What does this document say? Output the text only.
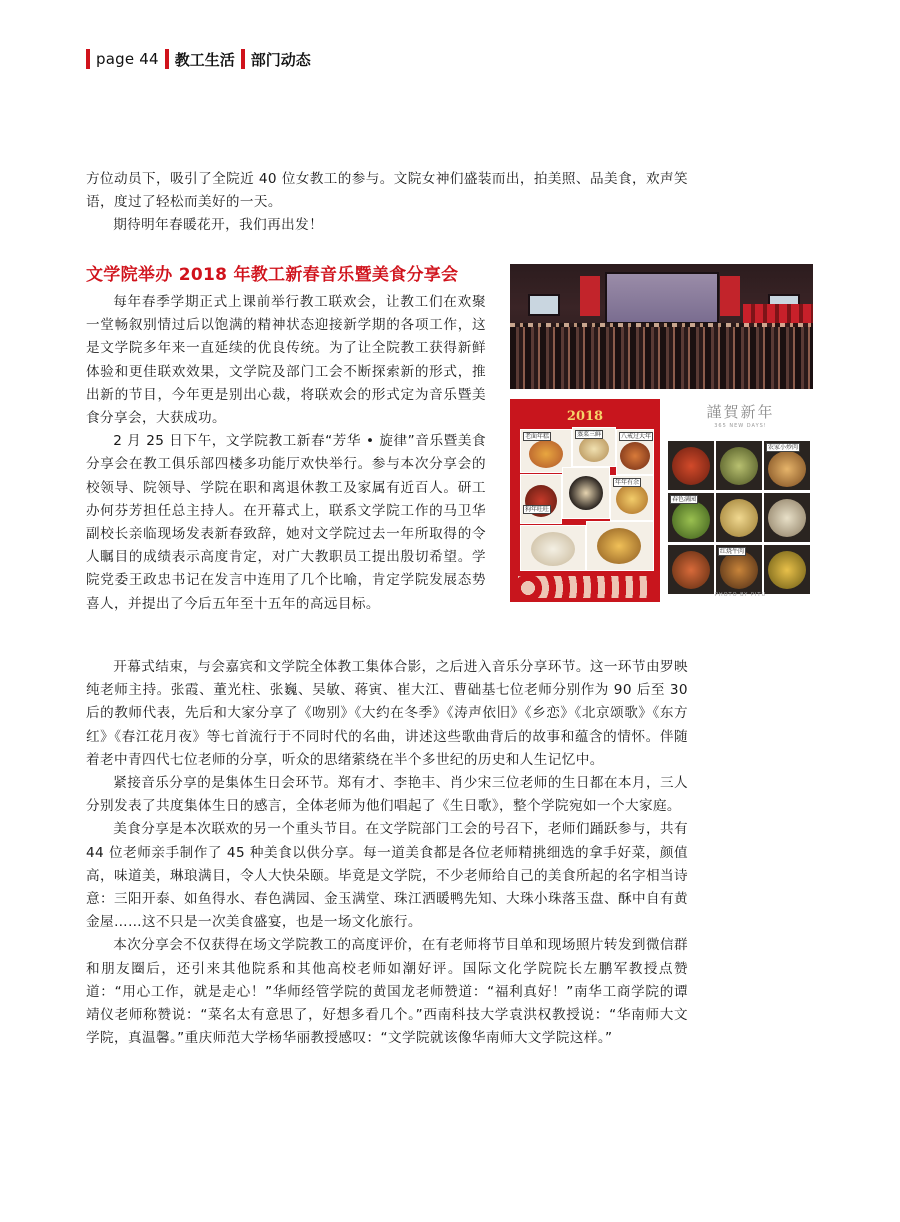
page 44 教工生活 部门动态

方位动员下，吸引了全院近 40 位女教工的参与。文院女神们盛装而出，拍美照、品美食，欢声笑语，度过了轻松而美好的一天。

期待明年春暖花开，我们再出发！

文学院举办 2018 年教工新春音乐暨美食分享会

每年春季学期正式上课前举行教工联欢会，让教工们在欢聚一堂畅叙别情过后以饱满的精神状态迎接新学期的各项工作，这是文学院多年来一直延续的优良传统。为了让全院教工获得新鲜体验和更佳联欢效果，文学院及部门工会不断探索新的形式，推出新的节目，今年更是别出心裁，将联欢会的形式定为音乐暨美食分享会，大获成功。

2 月 25 日下午，文学院教工新春“芳华 • 旋律”音乐暨美食分享会在教工俱乐部四楼多功能厅欢快举行。参与本次分享会的校领导、院领导、学院在职和离退休教工及家属有近百人。研工办何芬芳担任总主持人。在开幕式上，联系文学院工作的马卫华副校长亲临现场发表新春致辞，她对文学院过去一年所取得的令人瞩目的成绩表示高度肯定，对广大教职员工提出殷切希望。学院党委王政忠书记在发言中连用了几个比喻，肯定学院发展态势喜人，并提出了今后五年至十五年的高远目标。

开幕式结束，与会嘉宾和文学院全体教工集体合影，之后进入音乐分享环节。这一环节由罗映纯老师主持。张霞、董光柱、张巍、吴敏、蒋寅、崔大江、曹础基七位老师分别作为 90 后至 30 后的教师代表，先后和大家分享了《吻别》《大约在冬季》《涛声依旧》《乡恋》《北京颂歌》《东方红》《春江花月夜》等七首流行于不同时代的名曲，讲述这些歌曲背后的故事和蕴含的情怀。伴随着老中青四代七位老师的分享，听众的思绪萦绕在半个多世纪的历史和人生记忆中。

紧接音乐分享的是集体生日会环节。郑有才、李艳丰、肖少宋三位老师的生日都在本月，三人分别发表了共度集体生日的感言，全体老师为他们唱起了《生日歌》，整个学院宛如一个大家庭。

美食分享是本次联欢的另一个重头节目。在文学院部门工会的号召下，老师们踊跃参与，共有 44 位老师亲手制作了 45 种美食以供分享。每一道美食都是各位老师精挑细选的拿手好菜，颜值高，味道美，琳琅满目，令人大快朵颐。毕竟是文学院，不少老师给自己的美食所起的名字相当诗意：三阳开泰、如鱼得水、春色满园、金玉满堂、珠江洒暖鸭先知、大珠小珠落玉盘、酥中自有黄金屋……这不只是一次美食盛宴，也是一场文化旅行。

本次分享会不仅获得在场文学院教工的高度评价，在有老师将节目单和现场照片转发到微信群和朋友圈后，还引来其他院系和其他高校老师如潮好评。国际文化学院院长左鹏军教授点赞道：“用心工作，就是走心！”华师经管学院的黄国龙老师赞道：“福利真好！”南华工商学院的谭靖仪老师称赞说：“菜名太有意思了，好想多看几个。”西南科技大学袁洪权教授说：“华南师大文学院，真温馨。”重庆师范大学杨华丽教授感叹：“文学院就该像华南师大文学院这样。”

2018
老面年糕	蒸菜三鲜	八戒过大年
狗年旺旺
年年有余
謹賀新年
365 NEW DAYS!
农家小炒肉
春色满园
红烧牛肉
PHOTO BY PITU
